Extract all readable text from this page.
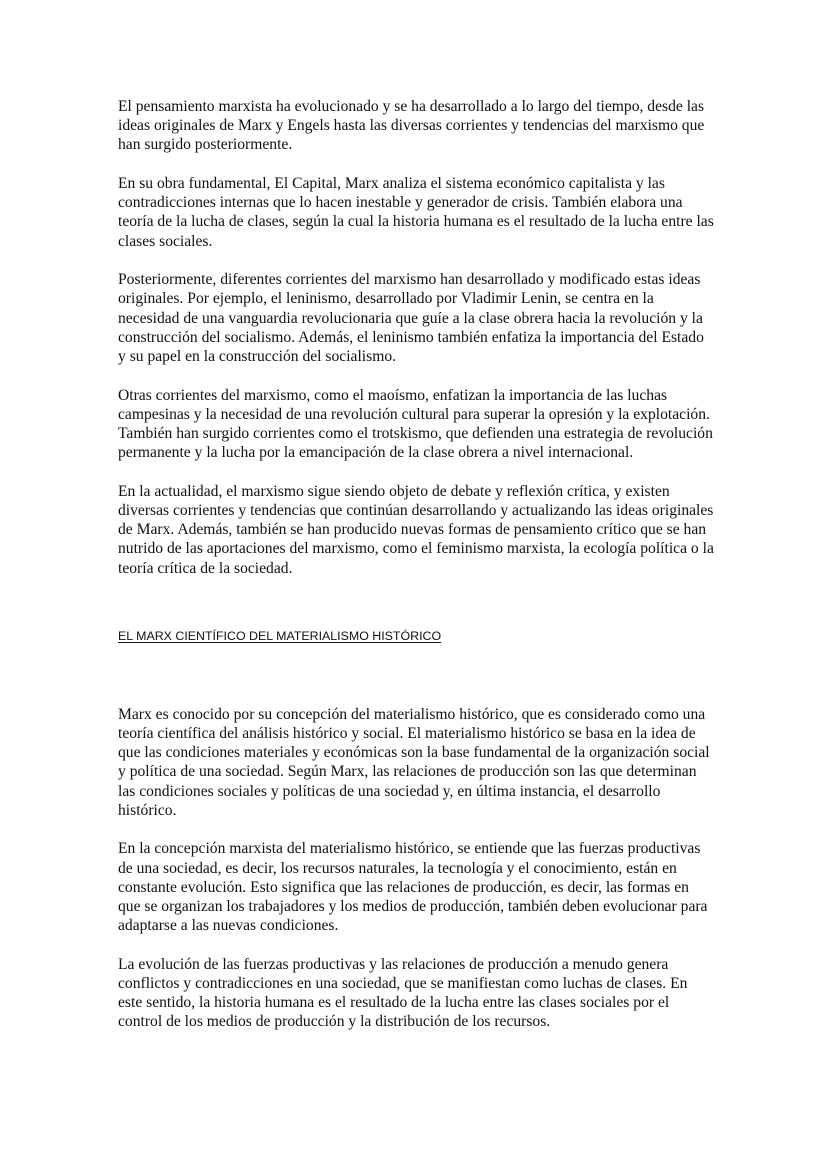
El pensamiento marxista ha evolucionado y se ha desarrollado a lo largo del tiempo, desde las ideas originales de Marx y Engels hasta las diversas corrientes y tendencias del marxismo que han surgido posteriormente.

En su obra fundamental, El Capital, Marx analiza el sistema económico capitalista y las contradicciones internas que lo hacen inestable y generador de crisis. También elabora una teoría de la lucha de clases, según la cual la historia humana es el resultado de la lucha entre las clases sociales.

Posteriormente, diferentes corrientes del marxismo han desarrollado y modificado estas ideas originales. Por ejemplo, el leninismo, desarrollado por Vladimir Lenin, se centra en la necesidad de una vanguardia revolucionaria que guíe a la clase obrera hacia la revolución y la construcción del socialismo. Además, el leninismo también enfatiza la importancia del Estado y su papel en la construcción del socialismo.

Otras corrientes del marxismo, como el maoísmo, enfatizan la importancia de las luchas campesinas y la necesidad de una revolución cultural para superar la opresión y la explotación. También han surgido corrientes como el trotskismo, que defienden una estrategia de revolución permanente y la lucha por la emancipación de la clase obrera a nivel internacional.

En la actualidad, el marxismo sigue siendo objeto de debate y reflexión crítica, y existen diversas corrientes y tendencias que continúan desarrollando y actualizando las ideas originales de Marx. Además, también se han producido nuevas formas de pensamiento crítico que se han nutrido de las aportaciones del marxismo, como el feminismo marxista, la ecología política o la teoría crítica de la sociedad.

EL MARX CIENTÍFICO DEL MATERIALISMO HISTÓRICO

Marx es conocido por su concepción del materialismo histórico, que es considerado como una teoría científica del análisis histórico y social. El materialismo histórico se basa en la idea de que las condiciones materiales y económicas son la base fundamental de la organización social y política de una sociedad. Según Marx, las relaciones de producción son las que determinan las condiciones sociales y políticas de una sociedad y, en última instancia, el desarrollo histórico.

En la concepción marxista del materialismo histórico, se entiende que las fuerzas productivas de una sociedad, es decir, los recursos naturales, la tecnología y el conocimiento, están en constante evolución. Esto significa que las relaciones de producción, es decir, las formas en que se organizan los trabajadores y los medios de producción, también deben evolucionar para adaptarse a las nuevas condiciones.

La evolución de las fuerzas productivas y las relaciones de producción a menudo genera conflictos y contradicciones en una sociedad, que se manifiestan como luchas de clases. En este sentido, la historia humana es el resultado de la lucha entre las clases sociales por el control de los medios de producción y la distribución de los recursos.
